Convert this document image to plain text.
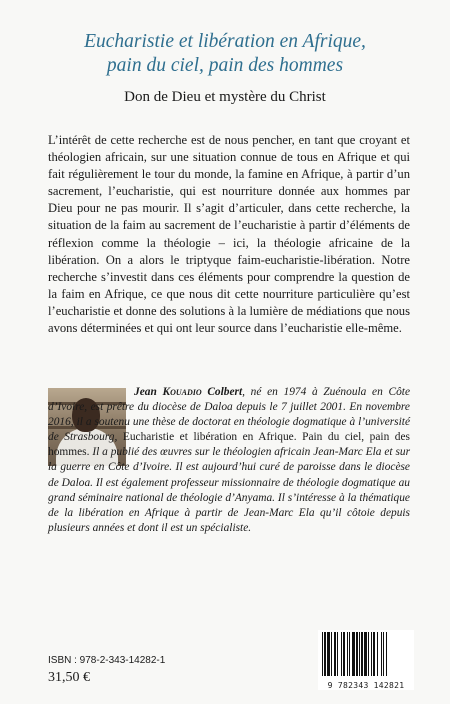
Eucharistie et libération en Afrique,
pain du ciel, pain des hommes
Don de Dieu et mystère du Christ

L’intérêt de cette recherche est de nous pencher, en tant que croyant et théologien africain, sur une situation connue de tous en Afrique et qui fait régulièrement le tour du monde, la famine en Afrique, à partir d’un sacrement, l’eucharistie, qui est nourriture donnée aux hommes par Dieu pour ne pas mourir. Il s’agit d’articuler, dans cette recherche, la situation de la faim au sacrement de l’eucharistie à partir d’éléments de réflexion comme la théologie – ici, la théologie africaine de la libération. On a alors le triptyque faim-eucharistie-libération. Notre recherche s’investit dans ces éléments pour comprendre la question de la faim en Afrique, ce que nous dit cette nourriture particulière qu’est l’eucharistie et donne des solutions à la lumière de médiations que nous avons déterminées et qui ont leur source dans l’eucharistie elle-même.

Jean Kouadio Colbert, né en 1974 à Zuénoula en Côte d’Ivoire, est prêtre du diocèse de Daloa depuis le 7 juillet 2001. En novembre 2016, il a soutenu une thèse de doctorat en théologie dogmatique à l’université de Strasbourg, Eucharistie et libération en Afrique. Pain du ciel, pain des hommes. Il a publié des œuvres sur le théologien africain Jean-Marc Ela et sur la guerre en Côte d’Ivoire. Il est aujourd’hui curé de paroisse dans le diocèse de Daloa. Il est également professeur missionnaire de théologie dogmatique au grand séminaire national de théologie d’Anyama. Il s’intéresse à la thématique de la libération en Afrique à partir de Jean-Marc Ela qu’il côtoie depuis plusieurs années et dont il est un spécialiste.
ISBN : 978-2-343-14282-1
31,50 €
9 782343 142821
